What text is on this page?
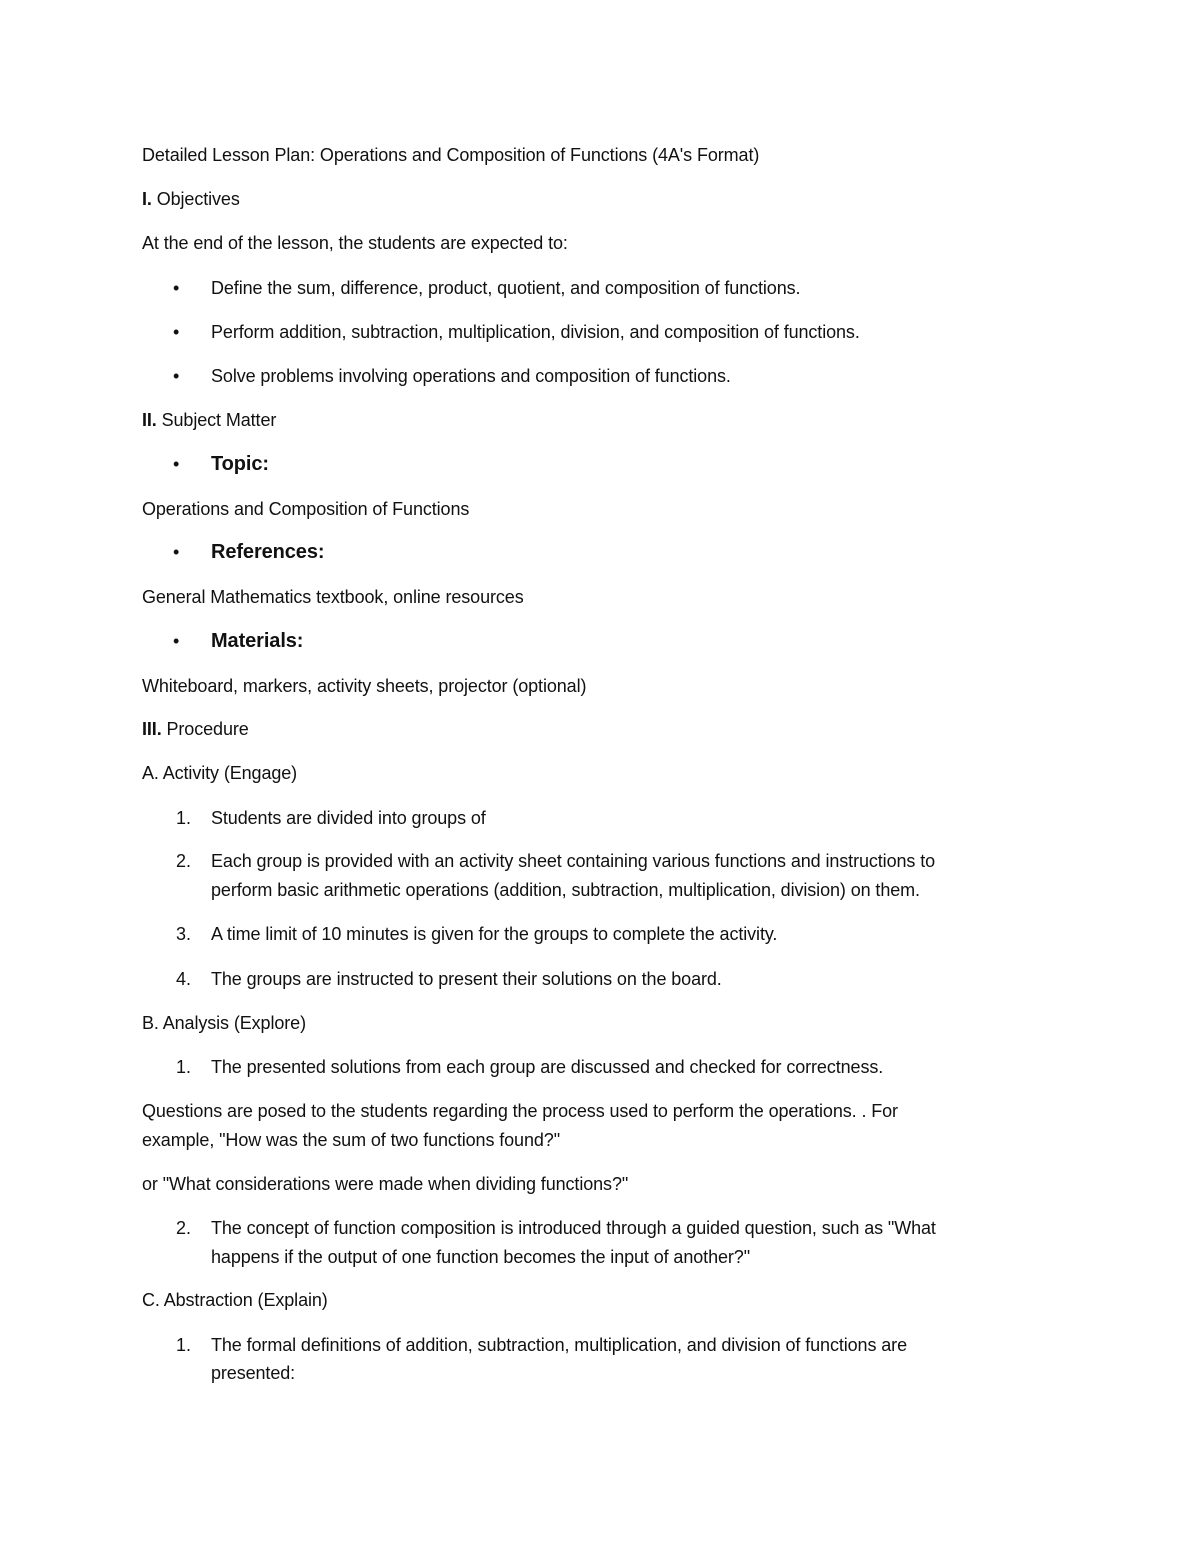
Detailed Lesson Plan: Operations and Composition of Functions (4A's Format)
I. Objectives
At the end of the lesson, the students are expected to:
• Define the sum, difference, product, quotient, and composition of functions.
• Perform addition, subtraction, multiplication, division, and composition of functions.
• Solve problems involving operations and composition of functions.
II. Subject Matter
• Topic:
Operations and Composition of Functions
• References:
General Mathematics textbook, online resources
• Materials:
Whiteboard, markers, activity sheets, projector (optional)
III. Procedure
A. Activity (Engage)
1. Students are divided into groups of
2. Each group is provided with an activity sheet containing various functions and instructions to
perform basic arithmetic operations (addition, subtraction, multiplication, division) on them.
3. A time limit of 10 minutes is given for the groups to complete the activity.
4. The groups are instructed to present their solutions on the board.
B. Analysis (Explore)
1. The presented solutions from each group are discussed and checked for correctness.
Questions are posed to the students regarding the process used to perform the operations. . For
example, "How was the sum of two functions found?"
or "What considerations were made when dividing functions?"
2. The concept of function composition is introduced through a guided question, such as "What
happens if the output of one function becomes the input of another?"
C. Abstraction (Explain)
1. The formal definitions of addition, subtraction, multiplication, and division of functions are
presented:
